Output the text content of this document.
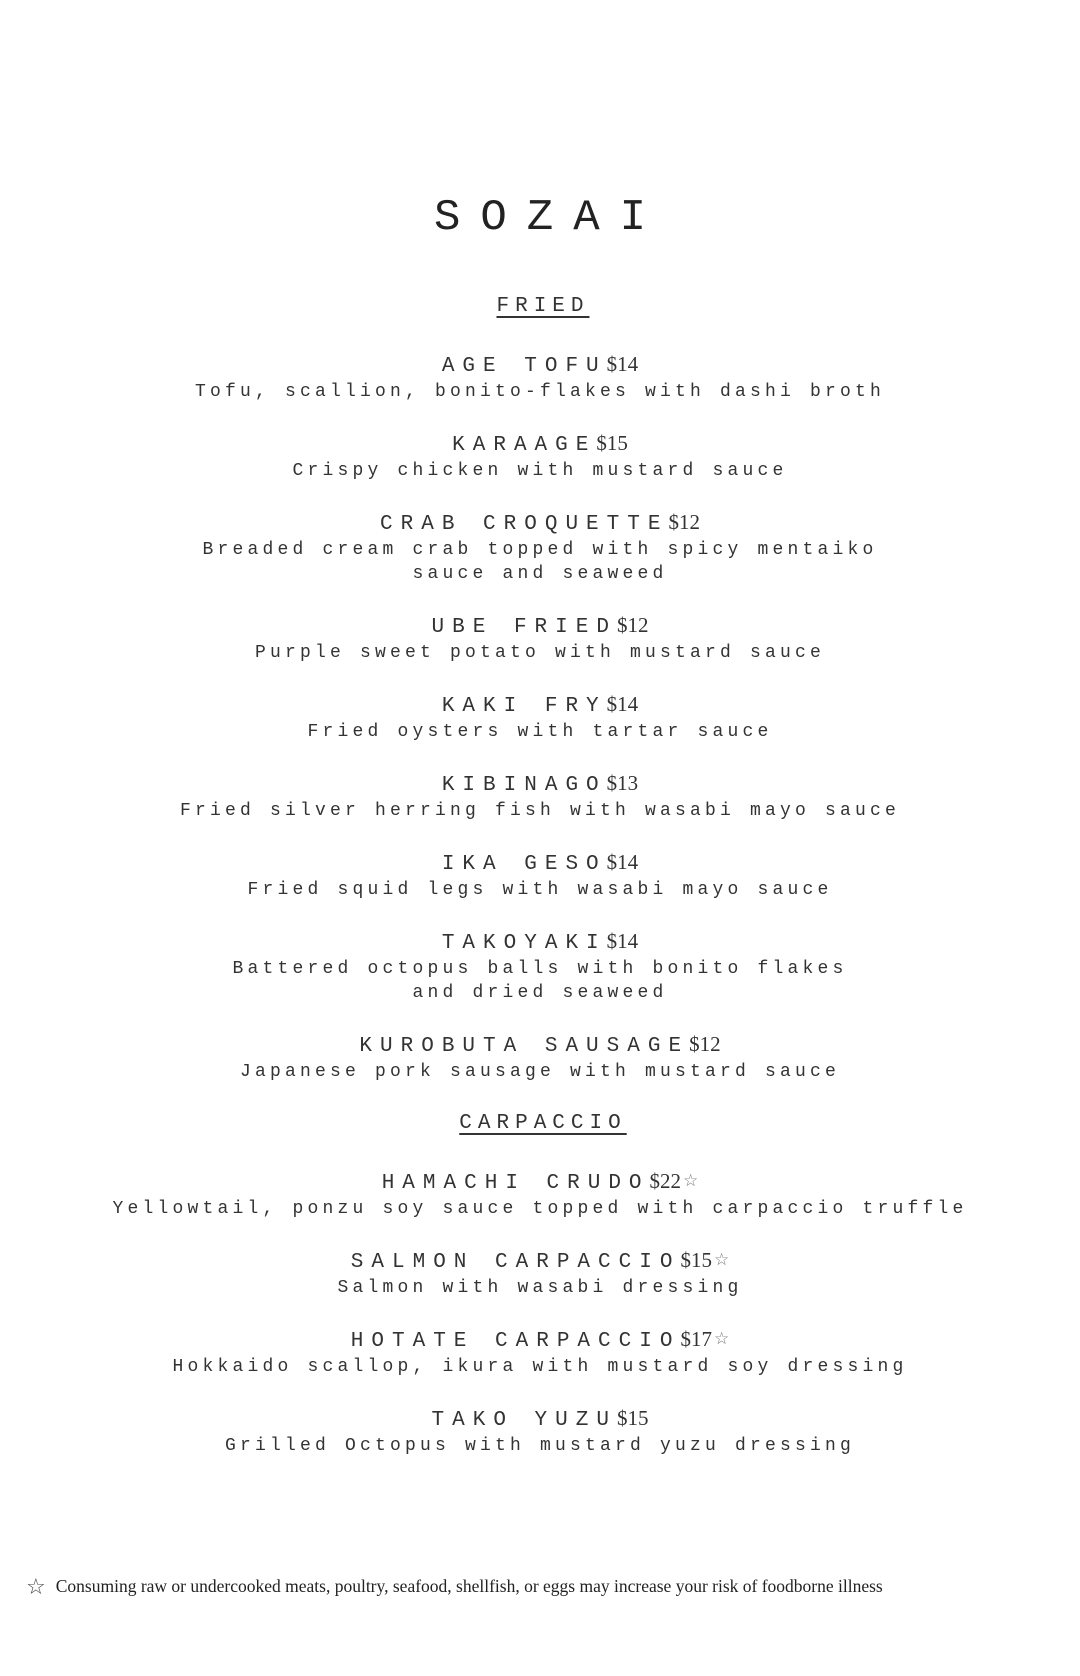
SOZAI
FRIED
AGE TOFU$14
Tofu, scallion, bonito-flakes with dashi broth
KARAAGE$15
Crispy chicken with mustard sauce
CRAB CROQUETTE$12
Breaded cream crab topped with spicy mentaiko
sauce and seaweed
UBE FRIED$12
Purple sweet potato with mustard sauce
KAKI FRY$14
Fried oysters with tartar sauce
KIBINAGO$13
Fried silver herring fish with wasabi mayo sauce
IKA GESO$14
Fried squid legs with wasabi mayo sauce
TAKOYAKI$14
Battered octopus balls with bonito flakes
and dried seaweed
KUROBUTA SAUSAGE$12
Japanese pork sausage with mustard sauce
CARPACCIO
HAMACHI CRUDO$22 ☆
Yellowtail, ponzu soy sauce topped with carpaccio truffle
SALMON CARPACCIO$15 ☆
Salmon with wasabi dressing
HOTATE CARPACCIO$17 ☆
Hokkaido scallop, ikura with mustard soy dressing
TAKO YUZU$15
Grilled Octopus with mustard yuzu dressing
☆ Consuming raw or undercooked meats, poultry, seafood, shellfish, or eggs may increase your risk of foodborne illness
